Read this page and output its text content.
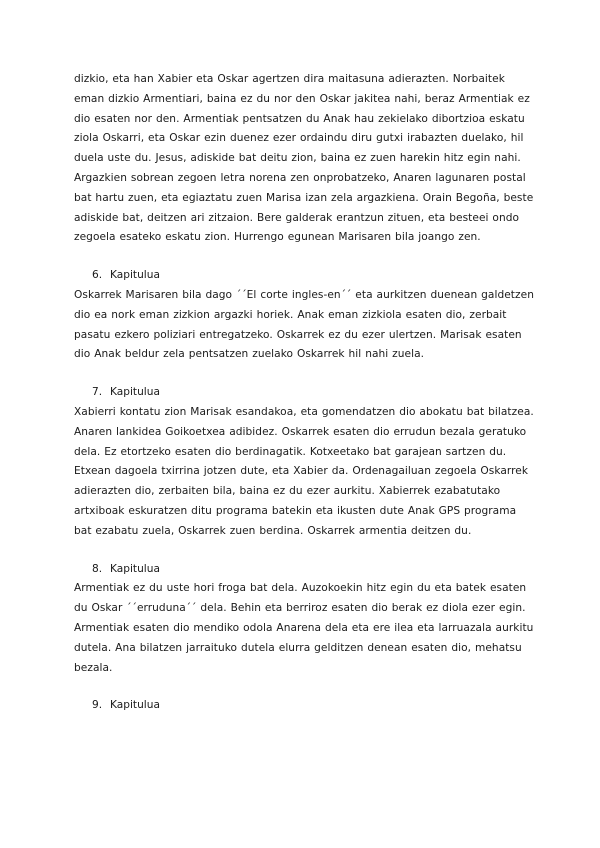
dizkio, eta han Xabier eta Oskar agertzen dira maitasuna adierazten. Norbaitek eman dizkio Armentiari, baina ez du nor den Oskar jakitea nahi, beraz Armentiak ez dio esaten nor den. Armentiak pentsatzen du Anak hau zekielako dibortzioa eskatu ziola Oskarri, eta Oskar ezin duenez ezer ordaindu diru gutxi irabazten duelako, hil duela uste du. Jesus, adiskide bat deitu zion, baina ez zuen harekin hitz egin nahi. Argazkien sobrean zegoen letra norena zen onprobatzeko, Anaren lagunaren postal bat hartu zuen, eta egiaztatu zuen Marisa izan zela argazkiena. Orain Begoña, beste adiskide bat, deitzen ari zitzaion. Bere galderak erantzun zituen, eta besteei ondo zegoela esateko eskatu zion. Hurrengo egunean Marisaren bila joango zen.

6. Kapitulua

Oskarrek Marisaren bila dago ´´El corte ingles-en´´ eta aurkitzen duenean galdetzen dio ea nork eman zizkion argazki horiek. Anak eman zizkiola esaten dio, zerbait pasatu ezkero poliziari entregatzeko. Oskarrek ez du ezer ulertzen. Marisak esaten dio Anak beldur zela pentsatzen zuelako Oskarrek hil nahi zuela.

7. Kapitulua

Xabierri kontatu zion Marisak esandakoa, eta gomendatzen dio abokatu bat bilatzea. Anaren lankidea Goikoetxea adibidez. Oskarrek esaten dio errudun bezala geratuko dela. Ez etortzeko esaten dio berdinagatik. Kotxeetako bat garajean sartzen du. Etxean dagoela txirrina jotzen dute, eta Xabier da. Ordenagailuan zegoela Oskarrek adierazten dio, zerbaiten bila, baina ez du ezer aurkitu. Xabierrek ezabatutako artxiboak eskuratzen ditu programa batekin eta ikusten dute Anak GPS programa bat ezabatu zuela, Oskarrek zuen berdina. Oskarrek armentia deitzen du.

8. Kapitulua

Armentiak ez du uste hori froga bat dela. Auzokoekin hitz egin du eta batek esaten du Oskar ´´erruduna´´ dela. Behin eta berriroz esaten dio berak ez diola ezer egin. Armentiak esaten dio mendiko odola Anarena dela eta ere ilea eta larruazala aurkitu dutela. Ana bilatzen jarraituko dutela elurra gelditzen denean esaten dio, mehatsu bezala.

9. Kapitulua
